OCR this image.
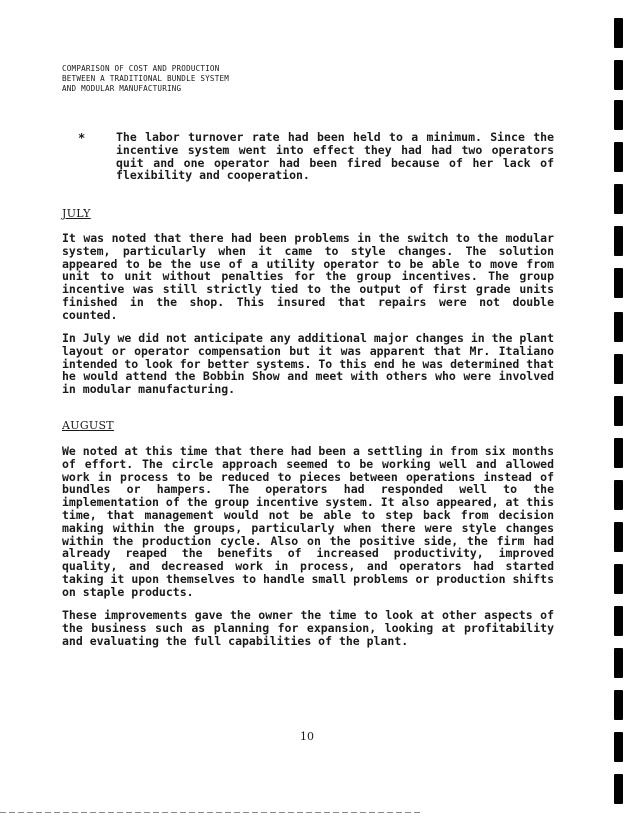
COMPARISON OF COST AND PRODUCTION
BETWEEN A TRADITIONAL BUNDLE SYSTEM
AND MODULAR MANUFACTURING
*	The labor turnover rate had been held to a minimum. Since the incentive system went into effect they had had two operators quit and one operator had been fired because of her lack of flexibility and cooperation.
JULY
It was noted that there had been problems in the switch to the modular system, particularly when it came to style changes. The solution appeared to be the use of a utility operator to be able to move from unit to unit without penalties for the group incentives. The group incentive was still strictly tied to the output of first grade units finished in the shop. This insured that repairs were not double counted.
In July we did not anticipate any additional major changes in the plant layout or operator compensation but it was apparent that Mr. Italiano intended to look for better systems. To this end he was determined that he would attend the Bobbin Show and meet with others who were involved in modular manufacturing.
AUGUST
We noted at this time that there had been a settling in from six months of effort. The circle approach seemed to be working well and allowed work in process to be reduced to pieces between operations instead of bundles or hampers. The operators had responded well to the implementation of the group incentive system. It also appeared, at this time, that management would not be able to step back from decision making within the groups, particularly when there were style changes within the production cycle. Also on the positive side, the firm had already reaped the benefits of increased productivity, improved quality, and decreased work in process, and operators had started taking it upon themselves to handle small problems or production shifts on staple products.
These improvements gave the owner the time to look at other aspects of the business such as planning for expansion, looking at profitability and evaluating the full capabilities of the plant.
10
